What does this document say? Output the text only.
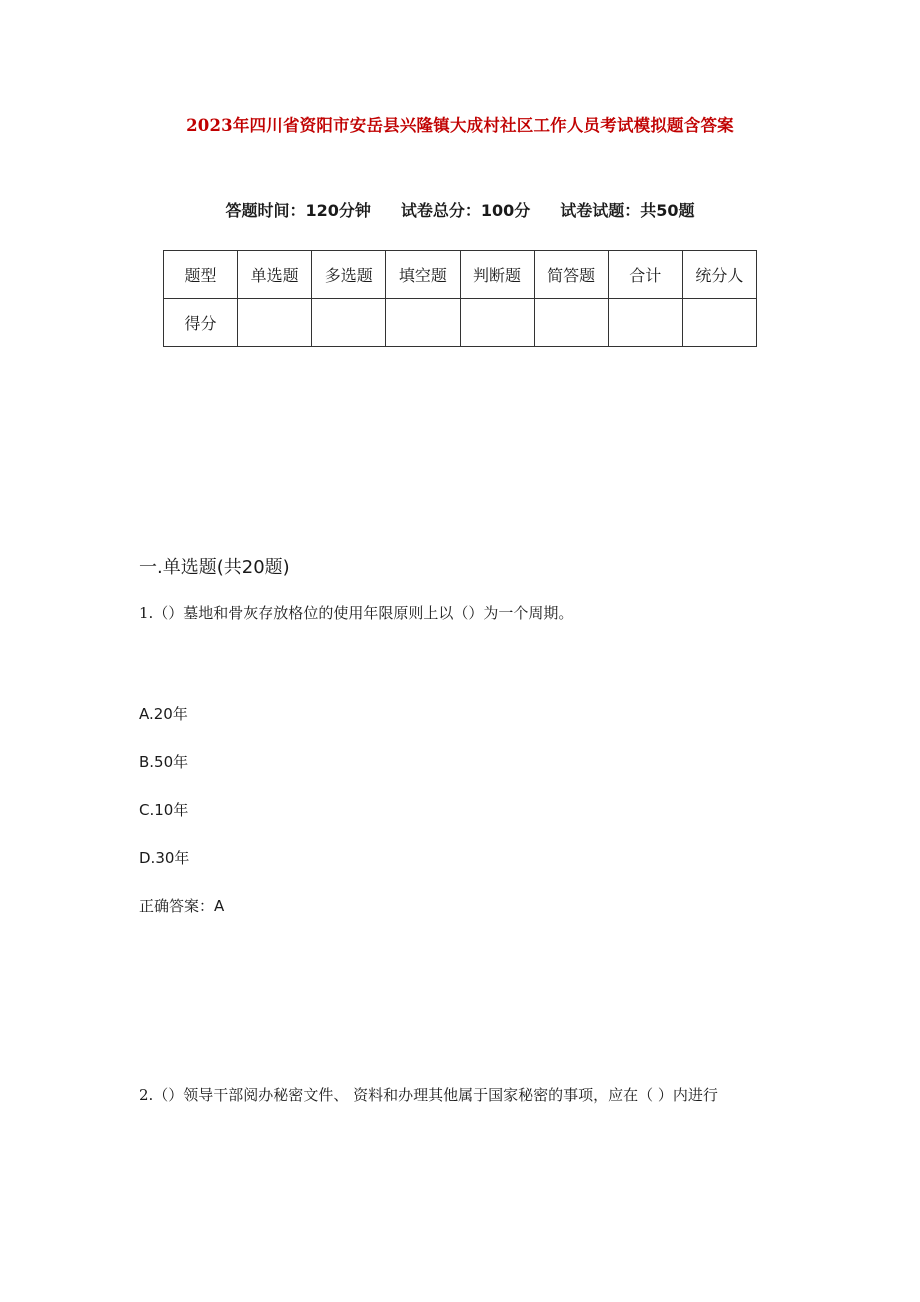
2023年四川省资阳市安岳县兴隆镇大成村社区工作人员考试模拟题含答案
答题时间：120分钟 试卷总分：100分 试卷试题：共50题
题型	单选题	多选题	填空题	判断题	简答题	合计	统分人
得分							
一.单选题(共20题)
1.（）墓地和骨灰存放格位的使用年限原则上以（）为一个周期。
A.20年
B.50年
C.10年
D.30年
正确答案：A
2.（）领导干部阅办秘密文件、 资料和办理其他属于国家秘密的事项，应在（ ）内进行
